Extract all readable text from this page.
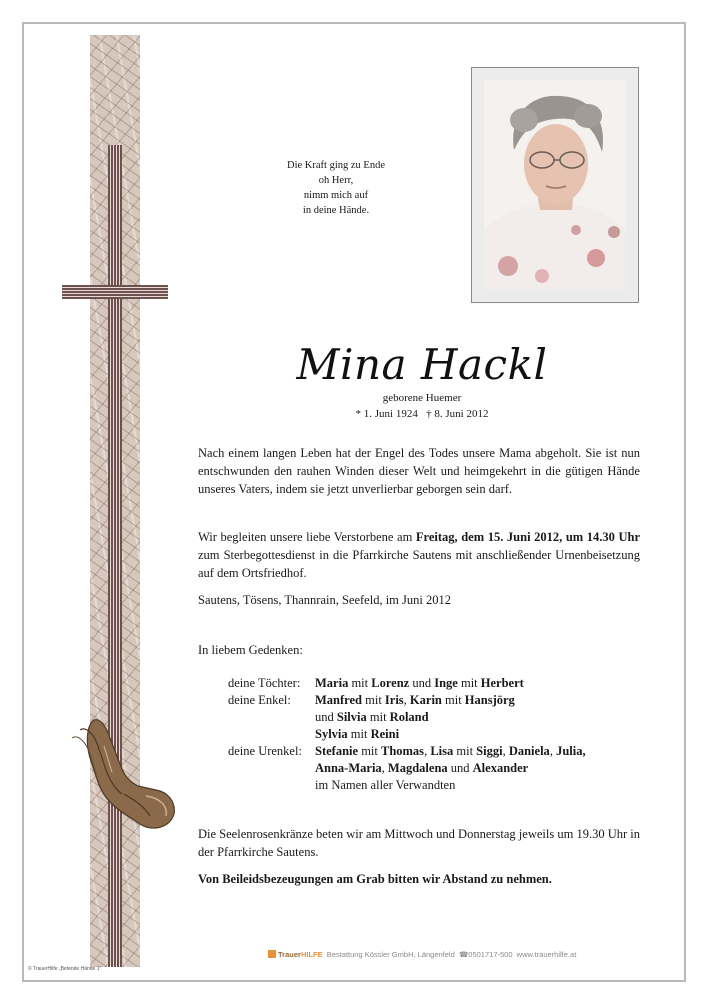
Die Kraft ging zu Ende
oh Herr,
nimm mich auf
in deine Hände.
Mina Hackl
geborene Huemer
* 1. Juni 1924   † 8. Juni 2012
Nach einem langen Leben hat der Engel des Todes unsere Mama abgeholt. Sie ist nun entschwunden den rauhen Winden dieser Welt und heimgekehrt in die gütigen Hände unseres Vaters, indem sie jetzt unverlierbar geborgen sein darf.
Wir begleiten unsere liebe Verstorbene am Freitag, dem 15. Juni 2012, um 14.30 Uhr zum Sterbegottesdienst in die Pfarrkirche Sautens mit anschließender Urnenbeisetzung auf dem Ortsfriedhof.
Sautens, Tösens, Thannrain, Seefeld, im Juni 2012
In liebem Gedenken:
deine Töchter: Maria mit Lorenz und Inge mit Herbert
deine Enkel: Manfred mit Iris, Karin mit Hansjörg
und Silvia mit Roland
Sylvia mit Reini
deine Urenkel: Stefanie mit Thomas, Lisa mit Siggi, Daniela, Julia,
Anna-Maria, Magdalena und Alexander
im Namen aller Verwandten
Die Seelenrosenkränze beten wir am Mittwoch und Donnerstag jeweils um 19.30 Uhr in der Pfarrkirche Sautens.
Von Beileidsbezeugungen am Grab bitten wir Abstand zu nehmen.
TrauerHILFE  Bestattung Kössler GmbH, Längenfeld  ☎0501717-500  www.trauerhilfe.at
© TrauerHilfe „Betende Hände 1"
